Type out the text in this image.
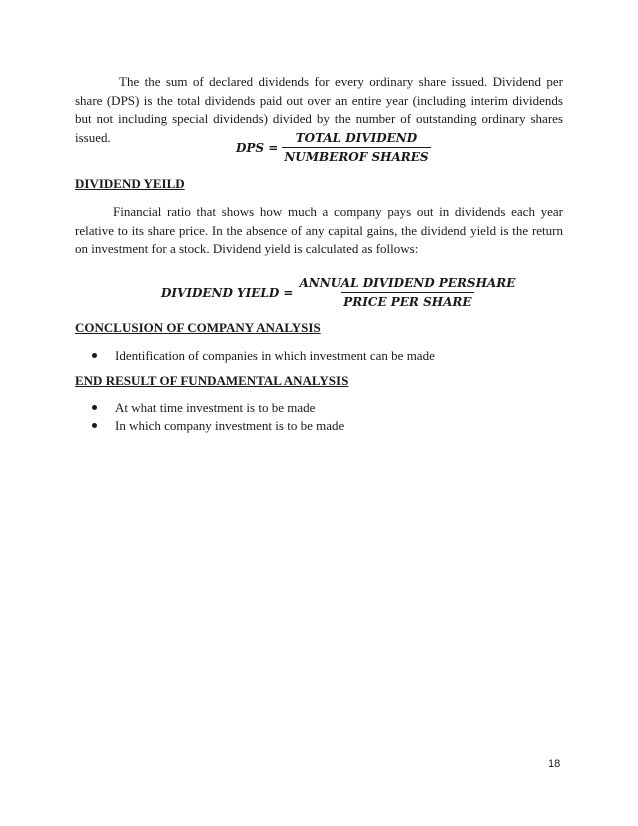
The the sum of declared dividends for every ordinary share issued. Dividend per share (DPS) is the total dividends paid out over an entire year (including interim dividends but not including special dividends) divided by the number of outstanding ordinary shares issued.

DPS = $\frac{\text{TOTAL DIVIDEND}}{\text{NUMBEROF SHARES}}$
DIVIDEND YEILD

Financial ratio that shows how much a company pays out in dividends each year relative to its share price. In the absence of any capital gains, the dividend yield is the return on investment for a stock. Dividend yield is calculated as follows:

DIVIDEND YIELD = $\frac{\text{ANNUAL DIVIDEND PERSHARE}}{\text{PRICE PER SHARE}}$
CONCLUSION OF COMPANY ANALYSIS
Identification of companies in which investment can be made
END RESULT OF FUNDAMENTAL ANALYSIS
At what time investment is to be made
In which company investment is to be made
18
